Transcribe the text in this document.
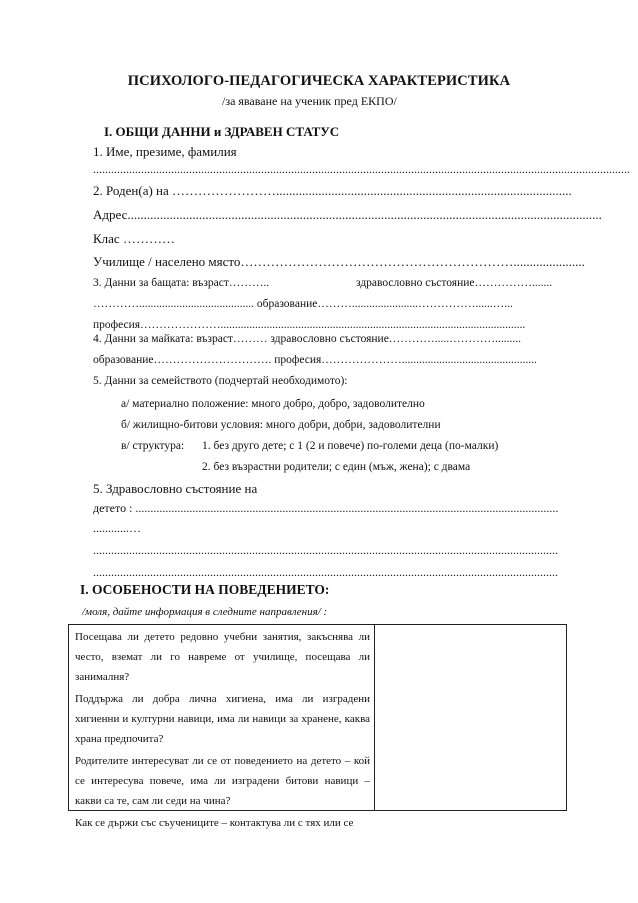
ПСИХОЛОГО-ПЕДАГОГИЧЕСКА ХАРАКТЕРИСТИКА
/за яваване на ученик пред ЕКПО/
I. ОБЩИ ДАННИ и ЗДРАВЕН СТАТУС
1. Име, презиме, фамилия
...................................................................................................................................................................................
2. Роден(а) на ……………………...........................................................................................
Адрес..................................................................................................................................................
Клас …………
Училище / населено място………………………………………………………......................
3. Данни за бащата: възраст………..	здравословно състояние…………….......
…………........................................ образование……….......................……………......…...
професия…………………..........................................................................................................
4. Данни за майката: възраст……… здравословно състояние………….....………….........
образование…………………………. професия…………………...............................................
5. Данни за семейството (подчертай необходимото):
а/ материално положение: много добро, добро, задоволително
б/ жилищно-битови условия: много добри, добри, задоволителни
в/ структура: 1. без друго дете; с 1 (2 и повече) по-големи деца (по-малки)
2. без възрастни родители; с един (мъж, жена); с двама
5. Здравословно състояние на
детето : .............................................................................................................................................
............…
...........................................................................................................................................................
...........................................................................................................................................................
I. ОСОБЕНОСТИ НА ПОВЕДЕНИЕТО:
/моля, дайте информация в следните направления/ :
Посещава ли детето редовно учебни занятия, закъснява ли често, вземат ли го навреме от училище, посещава ли занималня?
Поддържа ли добра лична хигиена, има ли изградени хигиенни и културни навици, има ли навици за хранене, каква храна предпочита?
Родителите интересуват ли се от поведението на детето – кой се интересува повече, има ли изградени битови навици – какви са те, сам ли седи на чина?
Как се държи със съучениците – контактува ли с тях или се
